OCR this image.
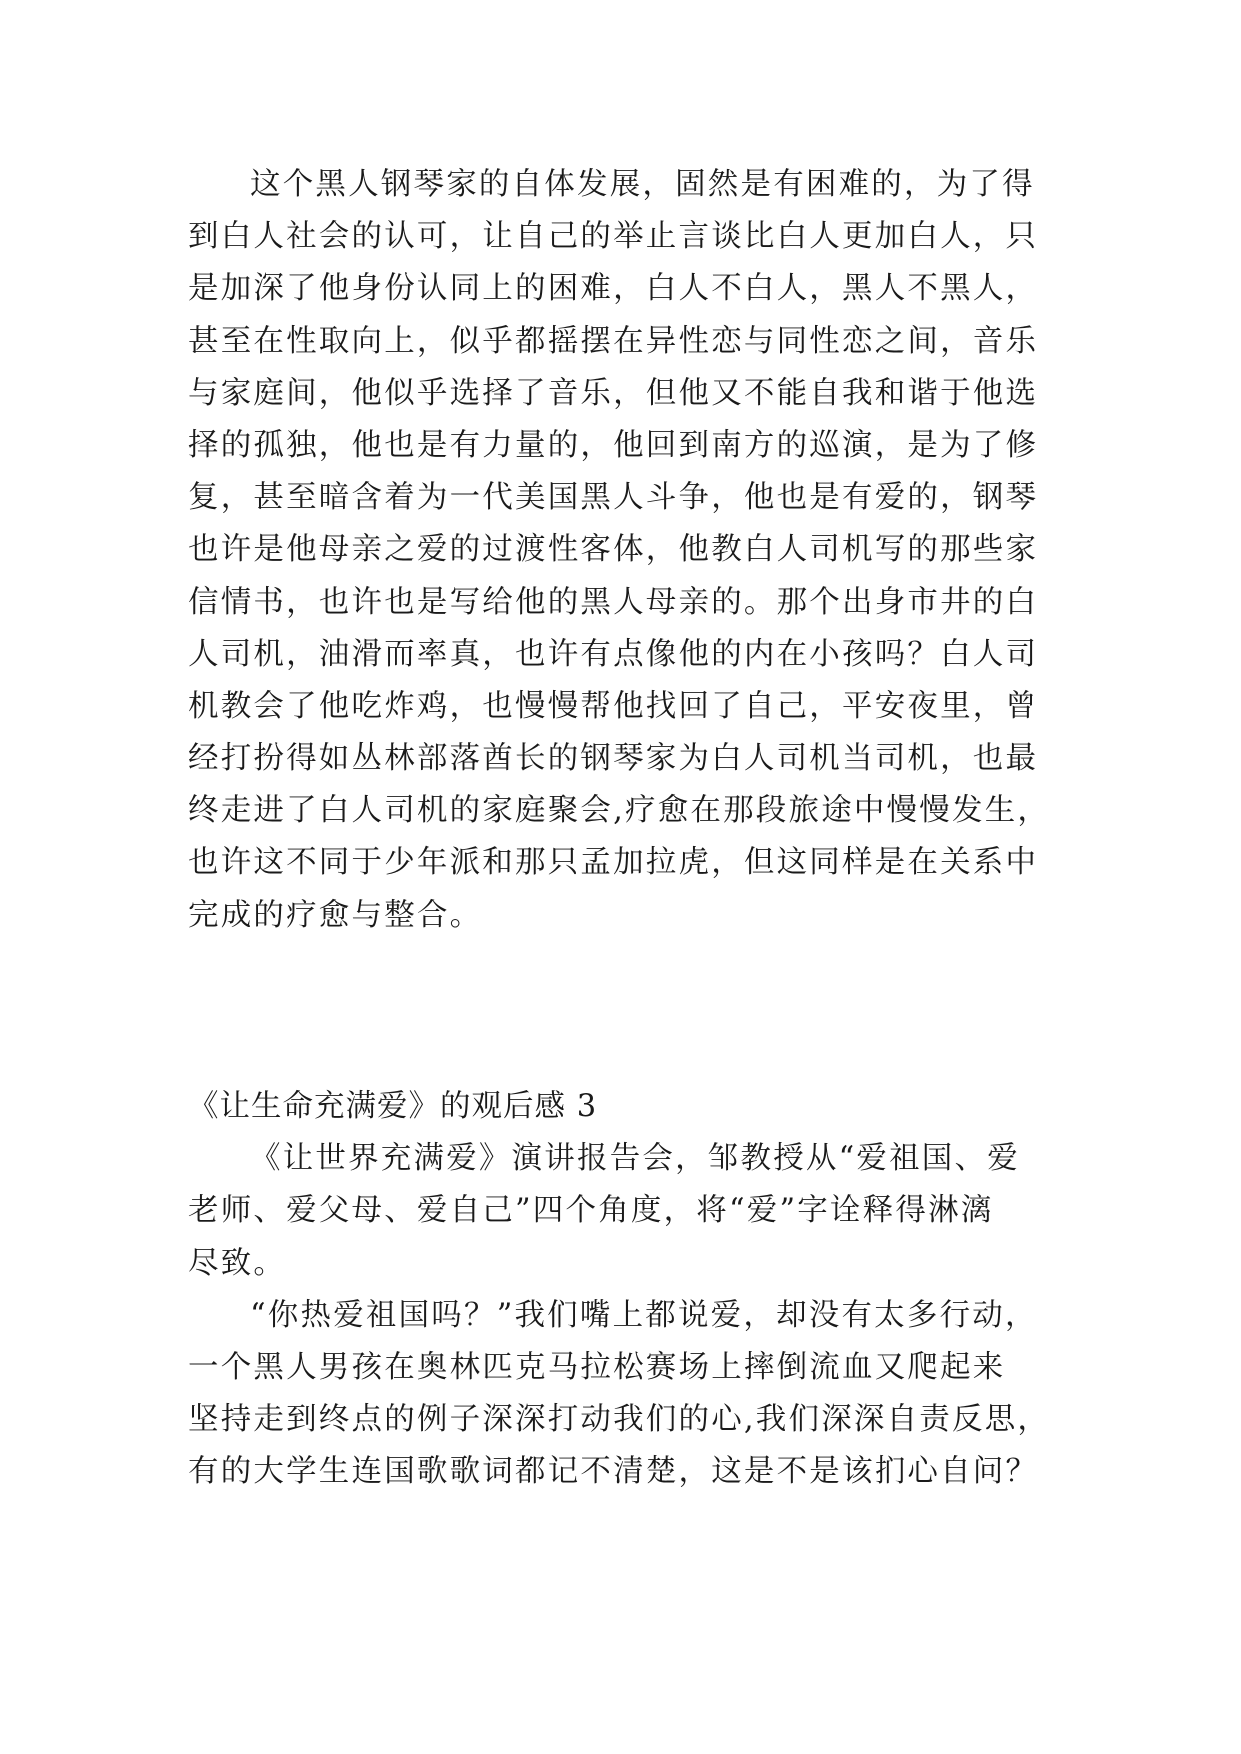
这个黑人钢琴家的自体发展，固然是有困难的，为了得
到白人社会的认可，让自己的举止言谈比白人更加白人，只
是加深了他身份认同上的困难，白人不白人，黑人不黑人，
甚至在性取向上，似乎都摇摆在异性恋与同性恋之间，音乐
与家庭间，他似乎选择了音乐，但他又不能自我和谐于他选
择的孤独，他也是有力量的，他回到南方的巡演，是为了修
复，甚至暗含着为一代美国黑人斗争，他也是有爱的，钢琴
也许是他母亲之爱的过渡性客体，他教白人司机写的那些家
信情书，也许也是写给他的黑人母亲的。那个出身市井的白
人司机，油滑而率真，也许有点像他的内在小孩吗？白人司
机教会了他吃炸鸡，也慢慢帮他找回了自己，平安夜里，曾
经打扮得如丛林部落酋长的钢琴家为白人司机当司机，也最
终走进了白人司机的家庭聚会,疗愈在那段旅途中慢慢发生，
也许这不同于少年派和那只孟加拉虎，但这同样是在关系中
完成的疗愈与整合。
《让生命充满爱》的观后感 3
《让世界充满爱》演讲报告会，邹教授从“爱祖国、爱
老师、爱父母、爱自己”四个角度，将“爱”字诠释得淋漓
尽致。
“你热爱祖国吗？”我们嘴上都说爱，却没有太多行动，
一个黑人男孩在奥林匹克马拉松赛场上摔倒流血又爬起来
坚持走到终点的例子深深打动我们的心,我们深深自责反思，
有的大学生连国歌歌词都记不清楚，这是不是该扪心自问？
